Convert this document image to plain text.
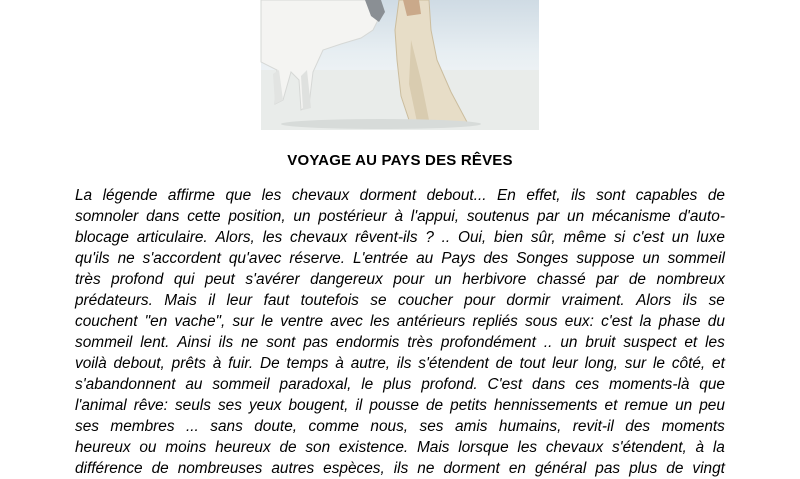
VOYAGE AU PAYS DES RÊVES
La légende affirme que les chevaux dorment debout... En effet, ils sont capables de
somnoler dans cette position, un postérieur à l'appui, soutenus par un mécanisme d'auto-
blocage articulaire. Alors, les chevaux rêvent-ils ? .. Oui, bien sûr, même si c'est un luxe
qu'ils ne s'accordent qu'avec réserve. L'entrée au Pays des Songes suppose un sommeil
très profond qui peut s'avérer dangereux pour un herbivore chassé par de nombreux
prédateurs. Mais il leur faut toutefois se coucher pour dormir vraiment. Alors ils se
couchent "en vache", sur le ventre avec les antérieurs repliés sous eux: c'est la phase du
sommeil lent. Ainsi ils ne sont pas endormis très profondément .. un bruit suspect et les
voilà debout, prêts à fuir. De temps à autre, ils s'étendent de tout leur long, sur le côté, et
s'abandonnent au sommeil paradoxal, le plus profond. C'est dans ces moments-là que
l'animal rêve: seuls ses yeux bougent, il pousse de petits hennissements et remue un peu
ses membres ... sans doute, comme nous, ses amis humains, revit-il des moments
heureux ou moins heureux de son existence. Mais lorsque les chevaux s'étendent, à la
différence de nombreuses autres espèces, ils ne dorment en général pas plus de vingt
